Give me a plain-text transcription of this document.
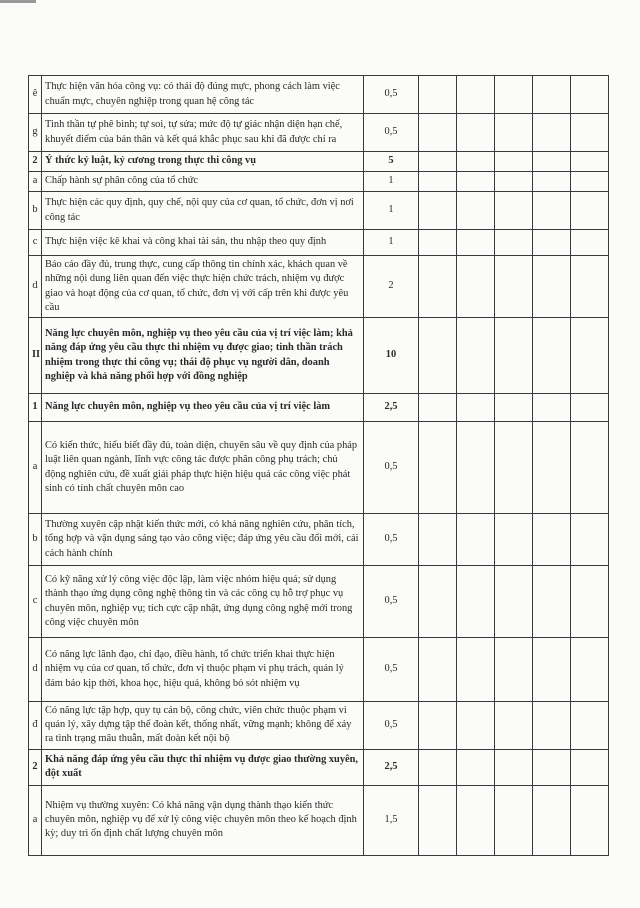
ê	Thực hiện văn hóa công vụ: có thái độ đúng mực, phong cách làm việc chuẩn mực, chuyên nghiệp trong quan hệ công tác	0,5					
g	Tinh thần tự phê bình; tự soi, tự sửa; mức độ tự giác nhận diện hạn chế, khuyết điểm của bản thân và kết quả khắc phục sau khi đã được chỉ ra	0,5					
2	Ý thức kỷ luật, kỷ cương trong thực thi công vụ	5					
a	Chấp hành sự phân công của tổ chức	1					
b	Thực hiện các quy định, quy chế, nội quy của cơ quan, tổ chức, đơn vị nơi công tác	1					
c	Thực hiện việc kê khai và công khai tài sản, thu nhập theo quy định	1					
d	Báo cáo đầy đủ, trung thực, cung cấp thông tin chính xác, khách quan về những nội dung liên quan đến việc thực hiện chức trách, nhiệm vụ được giao và hoạt động của cơ quan, tổ chức, đơn vị với cấp trên khi được yêu cầu	2					
II	Năng lực chuyên môn, nghiệp vụ theo yêu cầu của vị trí việc làm; khả năng đáp ứng yêu cầu thực thi nhiệm vụ được giao; tinh thần trách nhiệm trong thực thi công vụ; thái độ phục vụ người dân, doanh nghiệp và khả năng phối hợp với đồng nghiệp	10					
1	Năng lực chuyên môn, nghiệp vụ theo yêu cầu của vị trí việc làm	2,5					
a	Có kiến thức, hiểu biết đầy đủ, toàn diện, chuyên sâu về quy định của pháp luật liên quan ngành, lĩnh vực công tác được phân công phụ trách; chủ động nghiên cứu, đề xuất giải pháp thực hiện hiệu quả các công việc phát sinh có tính chất chuyên môn cao	0,5					
b	Thường xuyên cập nhật kiến thức mới, có khả năng nghiên cứu, phân tích, tổng hợp và vận dụng sáng tạo vào công việc; đáp ứng yêu cầu đổi mới, cải cách hành chính	0,5					
c	Có kỹ năng xử lý công việc độc lập, làm việc nhóm hiệu quả; sử dụng thành thạo ứng dụng công nghệ thông tin và các công cụ hỗ trợ phục vụ chuyên môn, nghiệp vụ; tích cực cập nhật, ứng dụng công nghệ mới trong công việc chuyên môn	0,5					
d	Có năng lực lãnh đạo, chỉ đạo, điều hành, tổ chức triển khai thực hiện nhiệm vụ của cơ quan, tổ chức, đơn vị thuộc phạm vi phụ trách, quản lý đảm bảo kịp thời, khoa học, hiệu quả, không bỏ sót nhiệm vụ	0,5					
đ	Có năng lực tập hợp, quy tụ cán bộ, công chức, viên chức thuộc phạm vi quản lý, xây dựng tập thể đoàn kết, thống nhất, vững mạnh; không để xảy ra tình trạng mâu thuẫn, mất đoàn kết nội bộ	0,5					
2	Khả năng đáp ứng yêu cầu thực thi nhiệm vụ được giao thường xuyên, đột xuất	2,5					
a	Nhiệm vụ thường xuyên: Có khả năng vận dụng thành thạo kiến thức chuyên môn, nghiệp vụ để xử lý công việc chuyên môn theo kế hoạch định kỳ; duy trì ổn định chất lượng chuyên môn	1,5					
